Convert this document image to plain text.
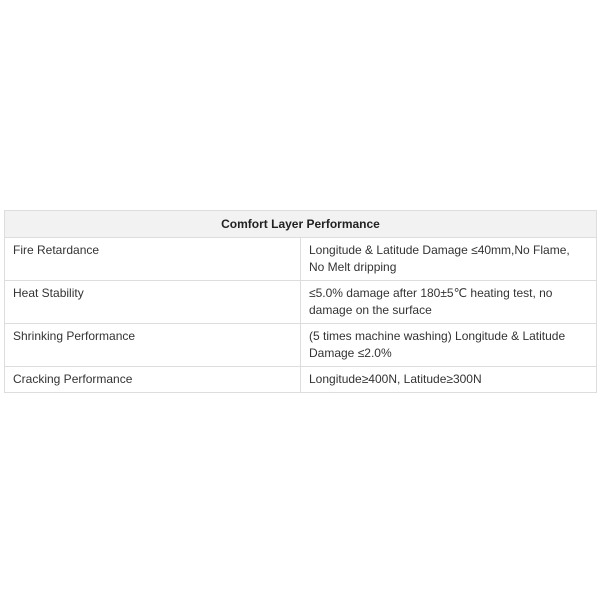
Comfort Layer Performance	
Fire Retardance	Longitude & Latitude Damage ≤40mm,No Flame, No Melt dripping
Heat Stability	≤5.0% damage after 180±5℃ heating test, no damage on the surface
Shrinking Performance	(5 times machine washing) Longitude & Latitude Damage ≤2.0%
Cracking Performance	Longitude≥400N, Latitude≥300N
